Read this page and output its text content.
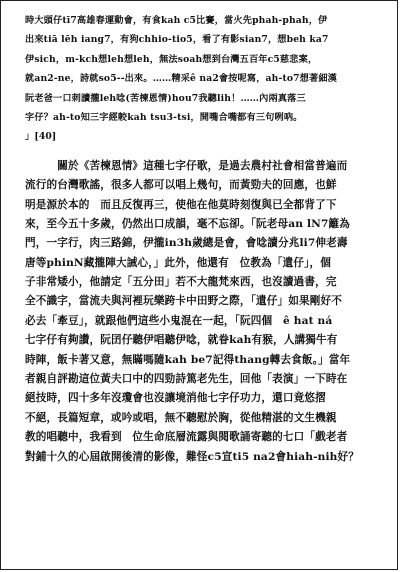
時大頭仔tī7高雄春運動會，有食kah c5比賽，當火先phah-phah，伊
出來tiā lēh iang7，有狗chhio-tio5，看了有影sian7，想beh ka7
伊sich，m-kch想leh想leh，無法soah想到台灣五百年c5慈悲案，
就an2-ne，詩就so5--出來。……精采ê na2會按呢寫，ah-to7想著細漢
阮老爸一口刺讀攏leh唸(苦楝恩情)hou7我聽lih！……內兩真落三
字仔？ah-to知三字經較kah tsu3-tsi，開嘴合嘴都有三句咧吶。
」[40]
　　　關於《苦楝恩情》這種七字仔歌，是過去農村社會相當普遍而
流行的台灣歌謠，很多人都可以唱上幾句，而黃勁夫的回應，也鮮
明是源於本的　而且反復再三，使他在他莫時刻復與已全都背了下
來，至今五十多歲，仍然出口成韻，毫不忘卻。「阮老母an lN7籬為
門，一字行，肉三路錦，伊攏in3h歲總是會，會唸讀分兆li7伸老壽
唐等phinN藏攏陣大誡心，」此外，他還有　位教為「遺仔」，個
子非常矮小，他請定「五分田」若不大龍梵來西，也沒讀過書，完
全不識字，當流夫與河裡玩樂跨卡中田野之際，「遺仔」如果剛好不
必去「牽豆」，就跟他們這些小鬼混在一起，「阮四個　ê hat ná
七字仔有夠讚，阮囝仔聽伊唱聽伊唸，就眷kah有猴，人講獨牛有
時陣，飯卡著又意，無瞞嗎隨kah be7記得thang轉去食飯。」當年
者親自評勘這位黃夫口中的四勁詩篤老先生，回他「表演」一下時在
絕技時，四十多年沒瓊會也沒讓境消他七字仔功力，還口竟悠摺
不絕，長篇短章，或吟或唱，無不聽慰於胸，從他精湛的文生機親
教的唱聽中，我看到　位生命底層流露與閱歌誦寄聽的七口「戲老者
對鋪十久的心屆啟開後清的影像，難怪c5宣ti5 na2會hiah-nih好？
